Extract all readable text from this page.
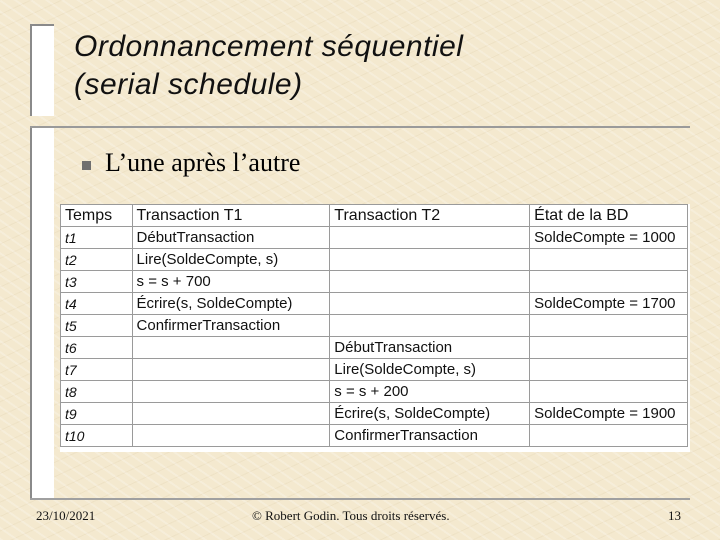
Ordonnancement séquentiel
(serial schedule)
L’une après l’autre
Temps	Transaction T1	Transaction T2	État de la BD
t1	DébutTransaction		SoldeCompte = 1000
t2	Lire(SoldeCompte, s)		
t3	s = s + 700		
t4	Écrire(s, SoldeCompte)		SoldeCompte = 1700
t5	ConfirmerTransaction		
t6		DébutTransaction	
t7		Lire(SoldeCompte, s)	
t8		s = s + 200	
t9		Écrire(s, SoldeCompte)	SoldeCompte = 1900
t10		ConfirmerTransaction	
23/10/2021	© Robert Godin. Tous droits réservés.	13
